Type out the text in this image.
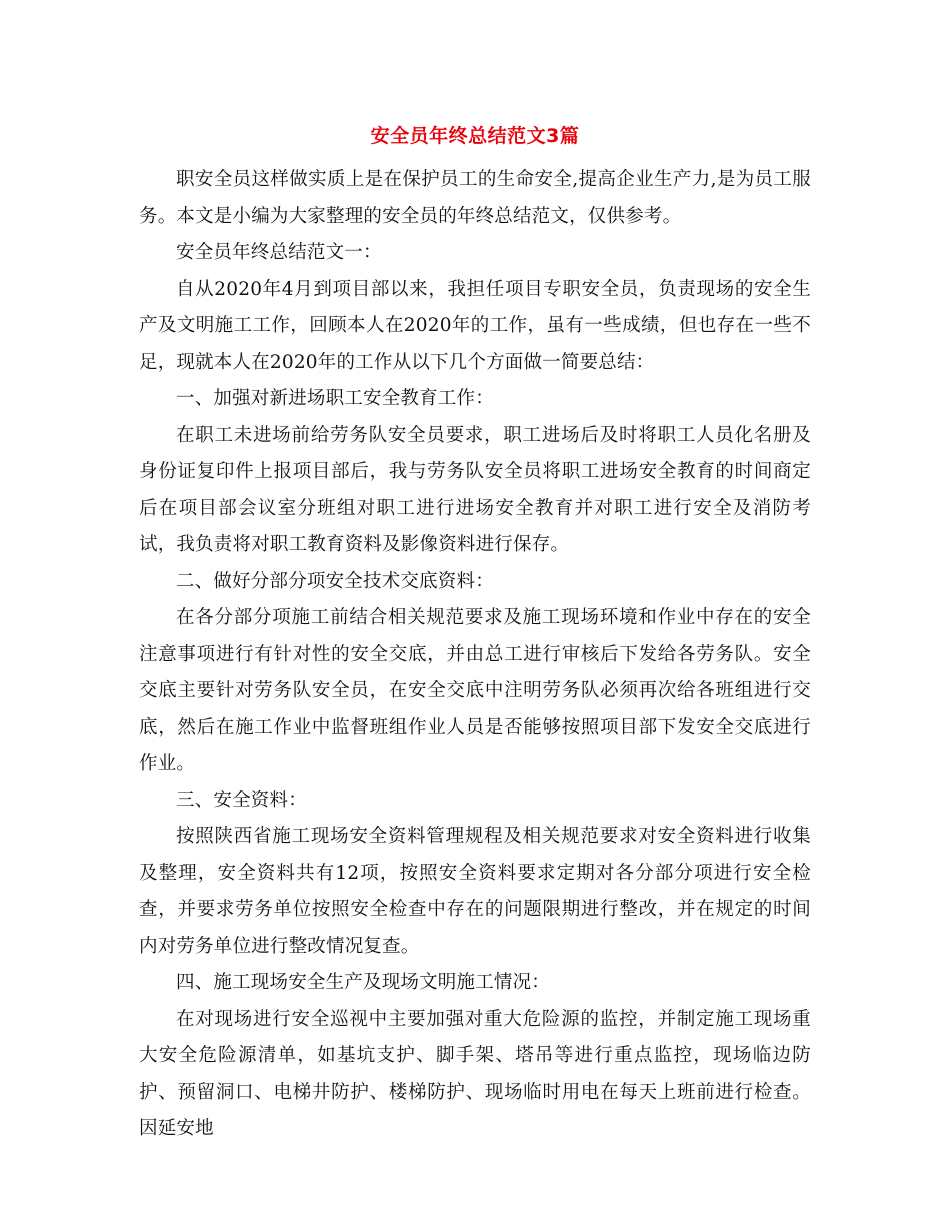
安全员年终总结范文3篇

职安全员这样做实质上是在保护员工的生命安全,提高企业生产力,是为员工服务。本文是小编为大家整理的安全员的年终总结范文，仅供参考。

安全员年终总结范文一：

自从2020年4月到项目部以来，我担任项目专职安全员，负责现场的安全生产及文明施工工作，回顾本人在2020年的工作，虽有一些成绩，但也存在一些不足，现就本人在2020年的工作从以下几个方面做一简要总结：

一、加强对新进场职工安全教育工作：

在职工未进场前给劳务队安全员要求，职工进场后及时将职工人员化名册及身份证复印件上报项目部后，我与劳务队安全员将职工进场安全教育的时间商定后在项目部会议室分班组对职工进行进场安全教育并对职工进行安全及消防考试，我负责将对职工教育资料及影像资料进行保存。

二、做好分部分项安全技术交底资料：

在各分部分项施工前结合相关规范要求及施工现场环境和作业中存在的安全注意事项进行有针对性的安全交底，并由总工进行审核后下发给各劳务队。安全交底主要针对劳务队安全员，在安全交底中注明劳务队必须再次给各班组进行交底，然后在施工作业中监督班组作业人员是否能够按照项目部下发安全交底进行作业。

三、安全资料：

按照陕西省施工现场安全资料管理规程及相关规范要求对安全资料进行收集及整理，安全资料共有12项，按照安全资料要求定期对各分部分项进行安全检查，并要求劳务单位按照安全检查中存在的问题限期进行整改，并在规定的时间内对劳务单位进行整改情况复查。

四、施工现场安全生产及现场文明施工情况：

在对现场进行安全巡视中主要加强对重大危险源的监控，并制定施工现场重大安全危险源清单，如基坑支护、脚手架、塔吊等进行重点监控，现场临边防护、预留洞口、电梯井防护、楼梯防护、现场临时用电在每天上班前进行检查。因延安地
